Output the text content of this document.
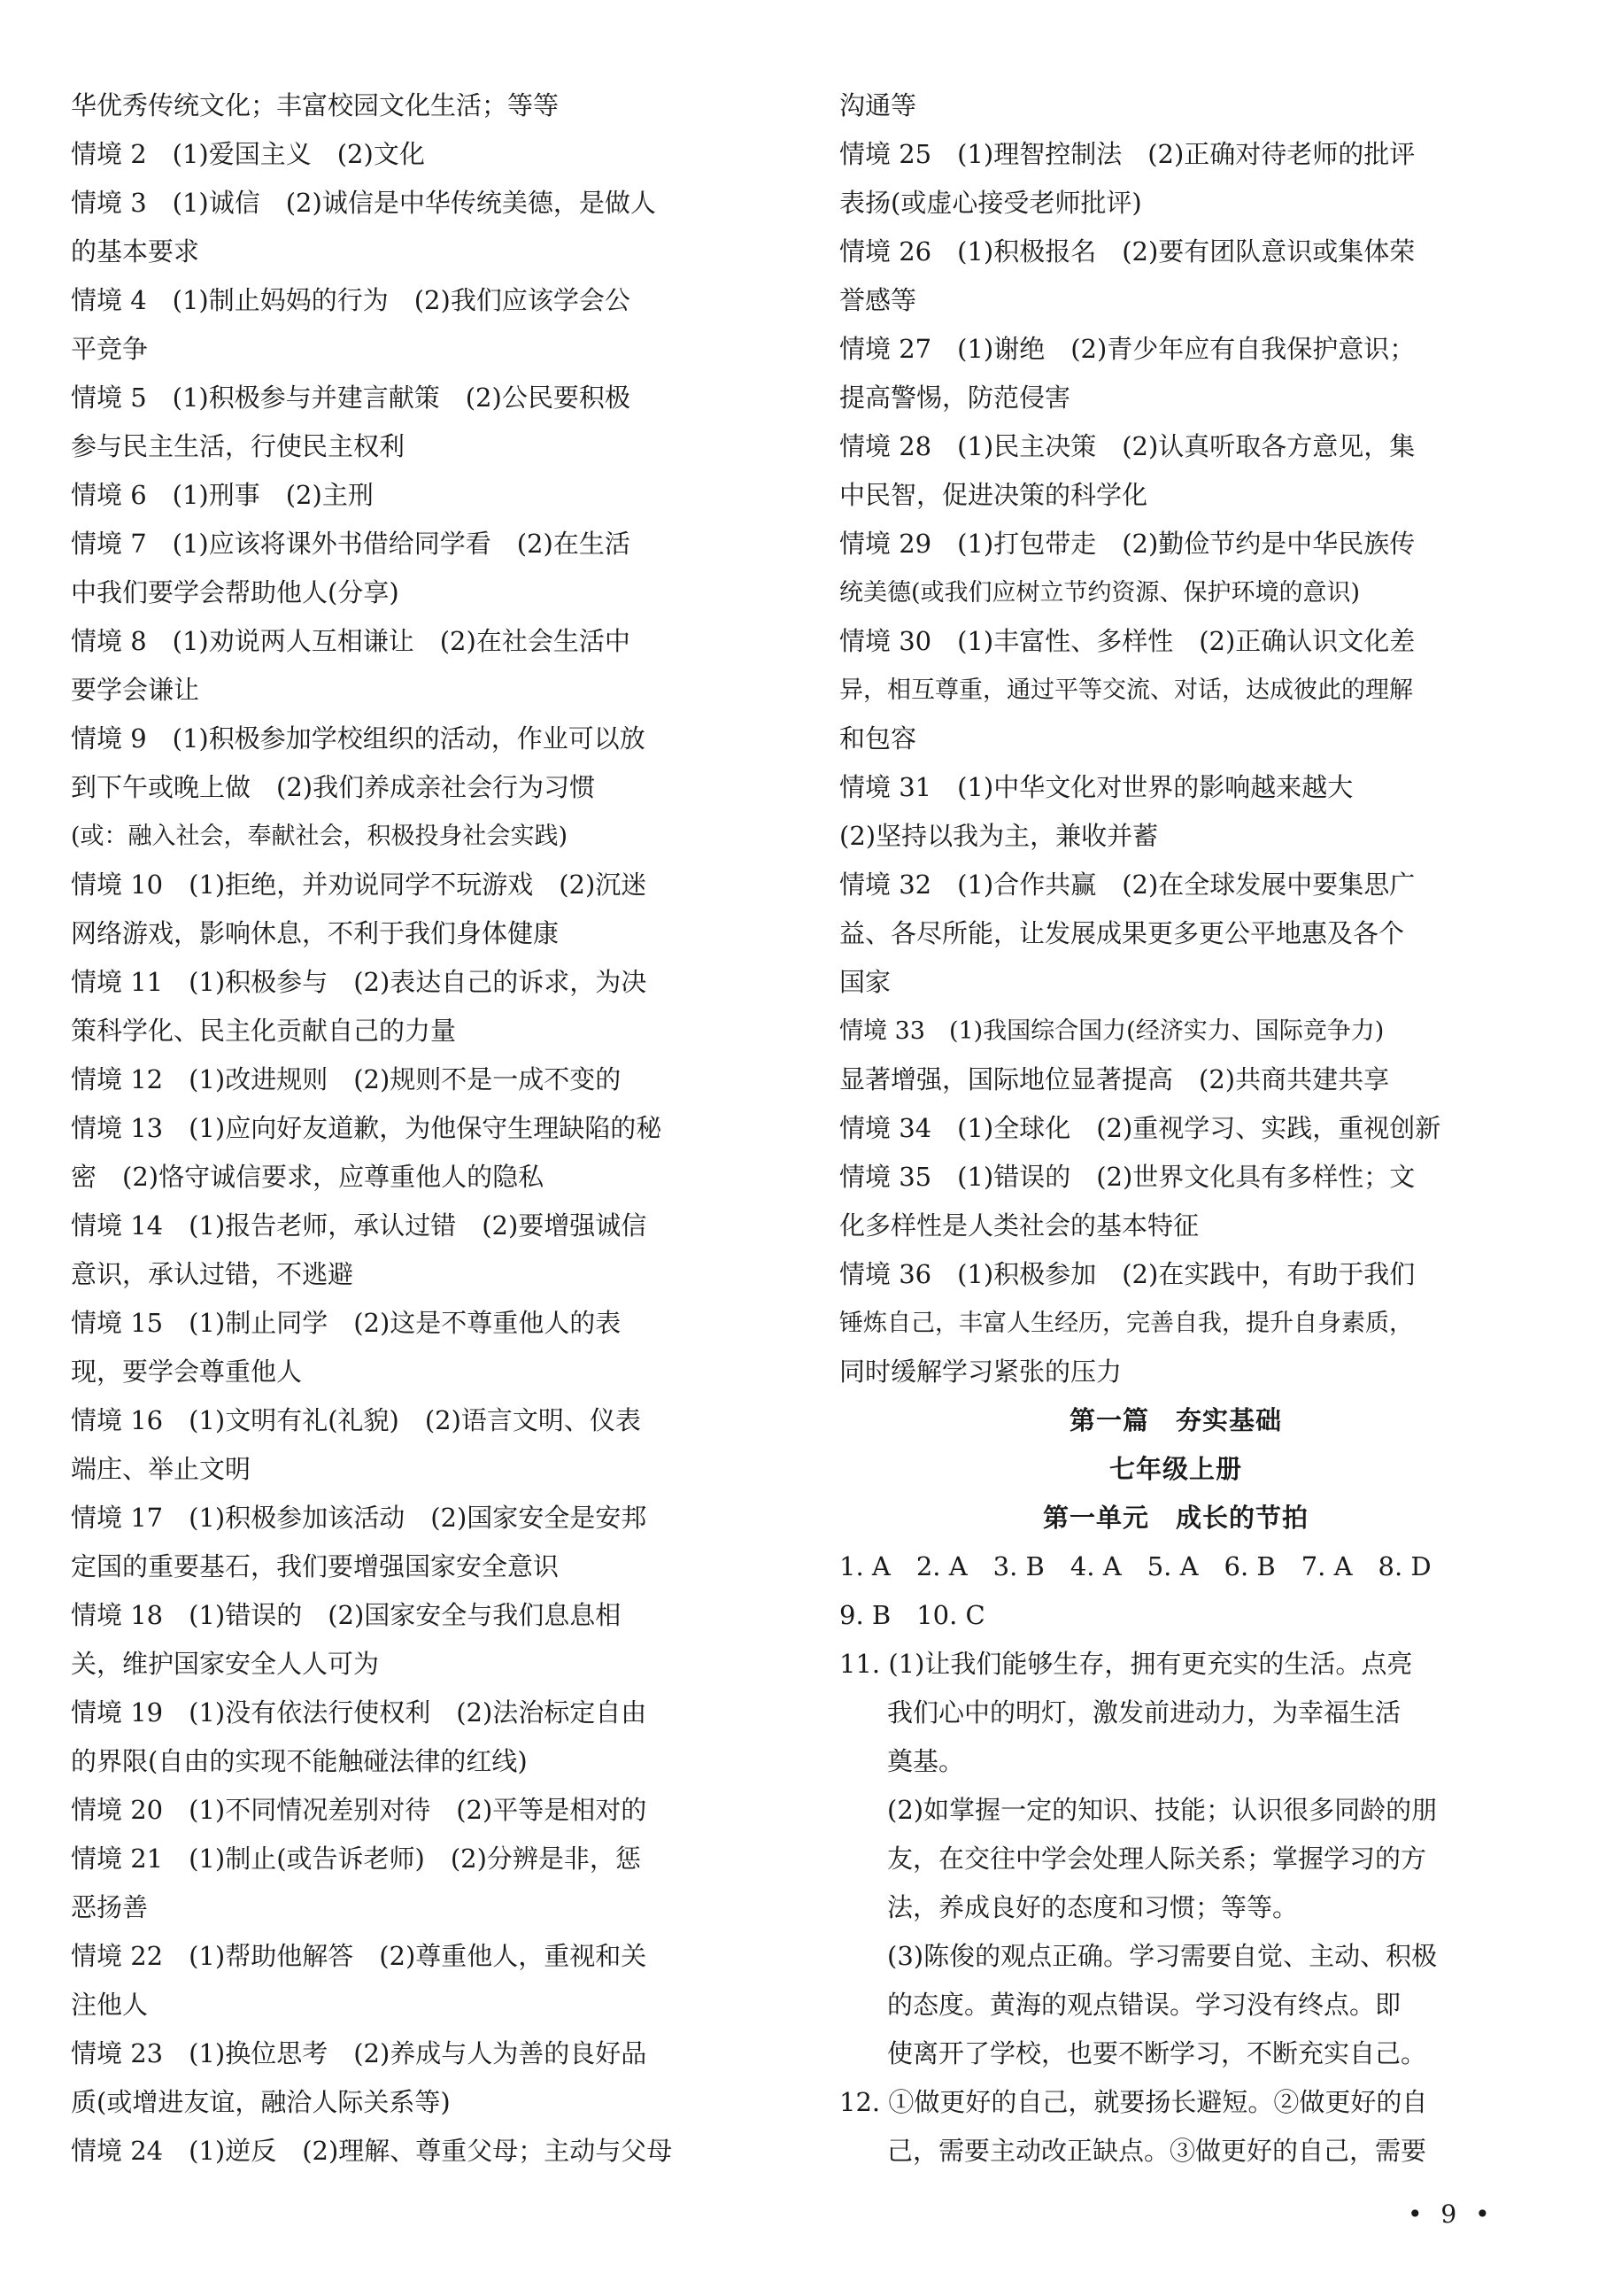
华优秀传统文化；丰富校园文化生活；等等
情境 2　(1)爱国主义　(2)文化
情境 3　(1)诚信　(2)诚信是中华传统美德，是做人
的基本要求
情境 4　(1)制止妈妈的行为　(2)我们应该学会公
平竞争
情境 5　(1)积极参与并建言献策　(2)公民要积极
参与民主生活，行使民主权利
情境 6　(1)刑事　(2)主刑
情境 7　(1)应该将课外书借给同学看　(2)在生活
中我们要学会帮助他人(分享)
情境 8　(1)劝说两人互相谦让　(2)在社会生活中
要学会谦让
情境 9　(1)积极参加学校组织的活动，作业可以放
到下午或晚上做　(2)我们养成亲社会行为习惯
(或：融入社会，奉献社会，积极投身社会实践)
情境 10　(1)拒绝，并劝说同学不玩游戏　(2)沉迷
网络游戏，影响休息，不利于我们身体健康
情境 11　(1)积极参与　(2)表达自己的诉求，为决
策科学化、民主化贡献自己的力量
情境 12　(1)改进规则　(2)规则不是一成不变的
情境 13　(1)应向好友道歉，为他保守生理缺陷的秘
密　(2)恪守诚信要求，应尊重他人的隐私
情境 14　(1)报告老师，承认过错　(2)要增强诚信
意识，承认过错，不逃避
情境 15　(1)制止同学　(2)这是不尊重他人的表
现，要学会尊重他人
情境 16　(1)文明有礼(礼貌)　(2)语言文明、仪表
端庄、举止文明
情境 17　(1)积极参加该活动　(2)国家安全是安邦
定国的重要基石，我们要增强国家安全意识
情境 18　(1)错误的　(2)国家安全与我们息息相
关，维护国家安全人人可为
情境 19　(1)没有依法行使权利　(2)法治标定自由
的界限(自由的实现不能触碰法律的红线)
情境 20　(1)不同情况差别对待　(2)平等是相对的
情境 21　(1)制止(或告诉老师)　(2)分辨是非，惩
恶扬善
情境 22　(1)帮助他解答　(2)尊重他人，重视和关
注他人
情境 23　(1)换位思考　(2)养成与人为善的良好品
质(或增进友谊，融洽人际关系等)
情境 24　(1)逆反　(2)理解、尊重父母；主动与父母
沟通等
情境 25　(1)理智控制法　(2)正确对待老师的批评
表扬(或虚心接受老师批评)
情境 26　(1)积极报名　(2)要有团队意识或集体荣
誉感等
情境 27　(1)谢绝　(2)青少年应有自我保护意识；
提高警惕，防范侵害
情境 28　(1)民主决策　(2)认真听取各方意见，集
中民智，促进决策的科学化
情境 29　(1)打包带走　(2)勤俭节约是中华民族传
统美德(或我们应树立节约资源、保护环境的意识)
情境 30　(1)丰富性、多样性　(2)正确认识文化差
异，相互尊重，通过平等交流、对话，达成彼此的理解
和包容
情境 31　(1)中华文化对世界的影响越来越大
(2)坚持以我为主，兼收并蓄
情境 32　(1)合作共赢　(2)在全球发展中要集思广
益、各尽所能，让发展成果更多更公平地惠及各个
国家
情境 33　(1)我国综合国力(经济实力、国际竞争力)
显著增强，国际地位显著提高　(2)共商共建共享
情境 34　(1)全球化　(2)重视学习、实践，重视创新
情境 35　(1)错误的　(2)世界文化具有多样性；文
化多样性是人类社会的基本特征
情境 36　(1)积极参加　(2)在实践中，有助于我们
锤炼自己，丰富人生经历，完善自我，提升自身素质，
同时缓解学习紧张的压力
第一篇　夯实基础
七年级上册
第一单元　成长的节拍
1. A　2. A　3. B　4. A　5. A　6. B　7. A　8. D
9. B　10. C
11. (1)让我们能够生存，拥有更充实的生活。点亮
我们心中的明灯，激发前进动力，为幸福生活
奠基。
(2)如掌握一定的知识、技能；认识很多同龄的朋
友，在交往中学会处理人际关系；掌握学习的方
法，养成良好的态度和习惯；等等。
(3)陈俊的观点正确。学习需要自觉、主动、积极
的态度。黄海的观点错误。学习没有终点。即
使离开了学校，也要不断学习，不断充实自己。
12. ①做更好的自己，就要扬长避短。②做更好的自
己，需要主动改正缺点。③做更好的自己，需要
• 9 •
